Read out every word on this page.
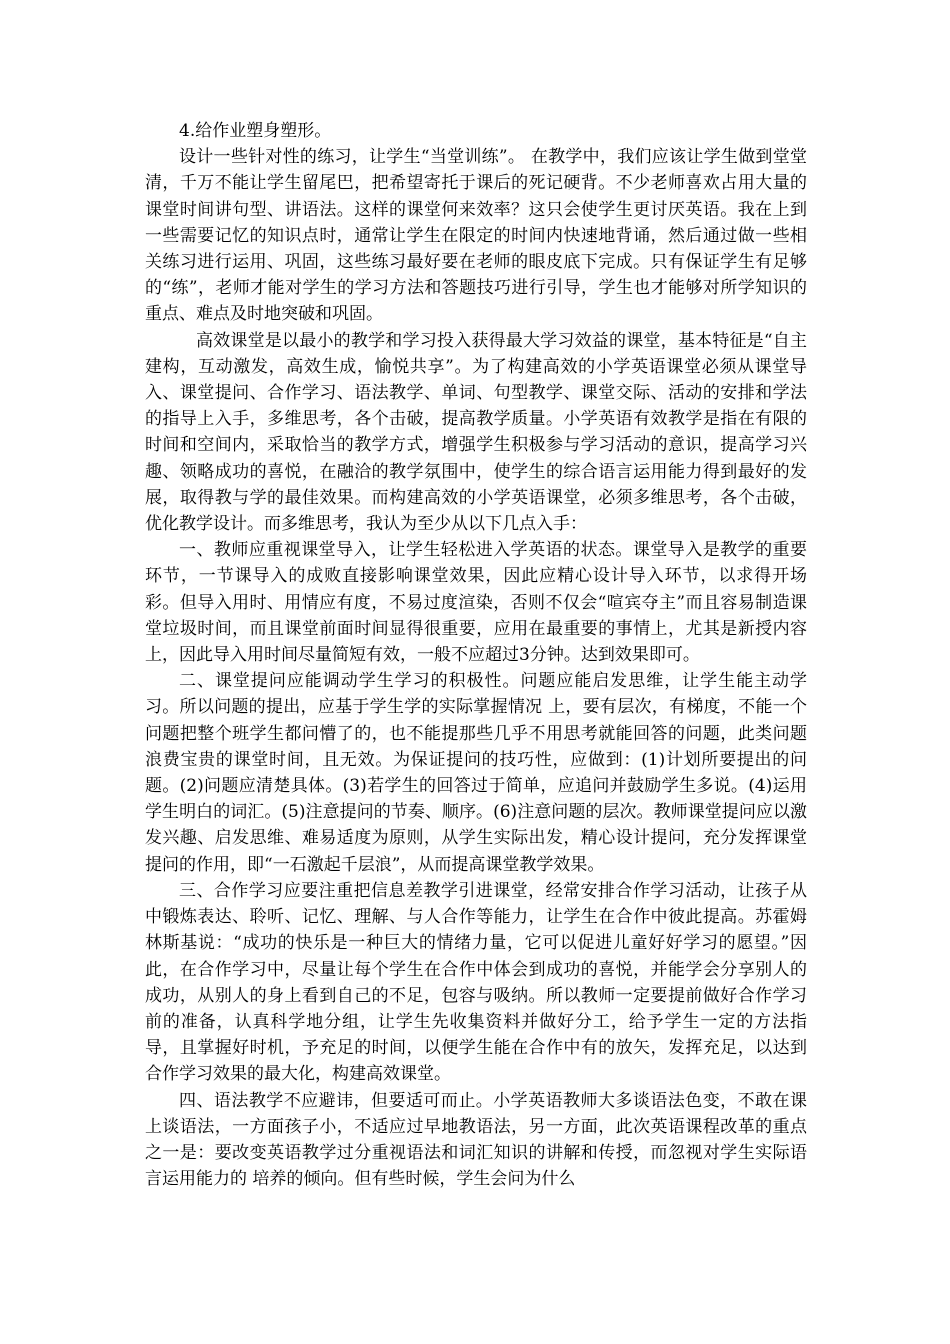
4.给作业塑身塑形。

设计一些针对性的练习，让学生“当堂训练”。 在教学中，我们应该让学生做到堂堂清，千万不能让学生留尾巴，把希望寄托于课后的死记硬背。不少老师喜欢占用大量的课堂时间讲句型、讲语法。这样的课堂何来效率？这只会使学生更讨厌英语。我在上到一些需要记忆的知识点时，通常让学生在限定的时间内快速地背诵，然后通过做一些相关练习进行运用、巩固，这些练习最好要在老师的眼皮底下完成。只有保证学生有足够的“练”，老师才能对学生的学习方法和答题技巧进行引导，学生也才能够对所学知识的重点、难点及时地突破和巩固。

高效课堂是以最小的教学和学习投入获得最大学习效益的课堂，基本特征是“自主建构，互动激发，高效生成，愉悦共享”。为了构建高效的小学英语课堂必须从课堂导入、课堂提问、合作学习、语法教学、单词、句型教学、课堂交际、活动的安排和学法的指导上入手，多维思考，各个击破，提高教学质量。小学英语有效教学是指在有限的时间和空间内，采取恰当的教学方式，增强学生积极参与学习活动的意识，提高学习兴趣、领略成功的喜悦，在融洽的教学氛围中，使学生的综合语言运用能力得到最好的发展，取得教与学的最佳效果。而构建高效的小学英语课堂，必须多维思考，各个击破，优化教学设计。而多维思考，我认为至少从以下几点入手：

一、教师应重视课堂导入，让学生轻松进入学英语的状态。课堂导入是教学的重要环节，一节课导入的成败直接影响课堂效果，因此应精心设计导入环节，以求得开场彩。但导入用时、用情应有度，不易过度渲染，否则不仅会“喧宾夺主”而且容易制造课堂垃圾时间，而且课堂前面时间显得很重要，应用在最重要的事情上，尤其是新授内容上，因此导入用时间尽量简短有效，一般不应超过3分钟。达到效果即可。

二、课堂提问应能调动学生学习的积极性。问题应能启发思维，让学生能主动学习。所以问题的提出，应基于学生学的实际掌握情况 上，要有层次，有梯度，不能一个问题把整个班学生都问懵了的，也不能提那些几乎不用思考就能回答的问题，此类问题浪费宝贵的课堂时间，且无效。为保证提问的技巧性，应做到：(1)计划所要提出的问题。(2)问题应清楚具体。(3)若学生的回答过于简单，应追问并鼓励学生多说。(4)运用学生明白的词汇。(5)注意提问的节奏、顺序。(6)注意问题的层次。教师课堂提问应以激发兴趣、启发思维、难易适度为原则，从学生实际出发，精心设计提问，充分发挥课堂提问的作用，即“一石激起千层浪”，从而提高课堂教学效果。

三、合作学习应要注重把信息差教学引进课堂，经常安排合作学习活动，让孩子从中锻炼表达、聆听、记忆、理解、与人合作等能力，让学生在合作中彼此提高。苏霍姆林斯基说：“成功的快乐是一种巨大的情绪力量，它可以促进儿童好好学习的愿望。”因此，在合作学习中，尽量让每个学生在合作中体会到成功的喜悦，并能学会分享别人的成功，从别人的身上看到自己的不足，包容与吸纳。所以教师一定要提前做好合作学习前的准备，认真科学地分组，让学生先收集资料并做好分工，给予学生一定的方法指导，且掌握好时机，予充足的时间，以便学生能在合作中有的放矢，发挥充足，以达到合作学习效果的最大化，构建高效课堂。

四、语法教学不应避讳，但要适可而止。小学英语教师大多谈语法色变，不敢在课上谈语法，一方面孩子小，不适应过早地教语法，另一方面，此次英语课程改革的重点之一是：要改变英语教学过分重视语法和词汇知识的讲解和传授，而忽视对学生实际语言运用能力的 培养的倾向。但有些时候，学生会问为什么
